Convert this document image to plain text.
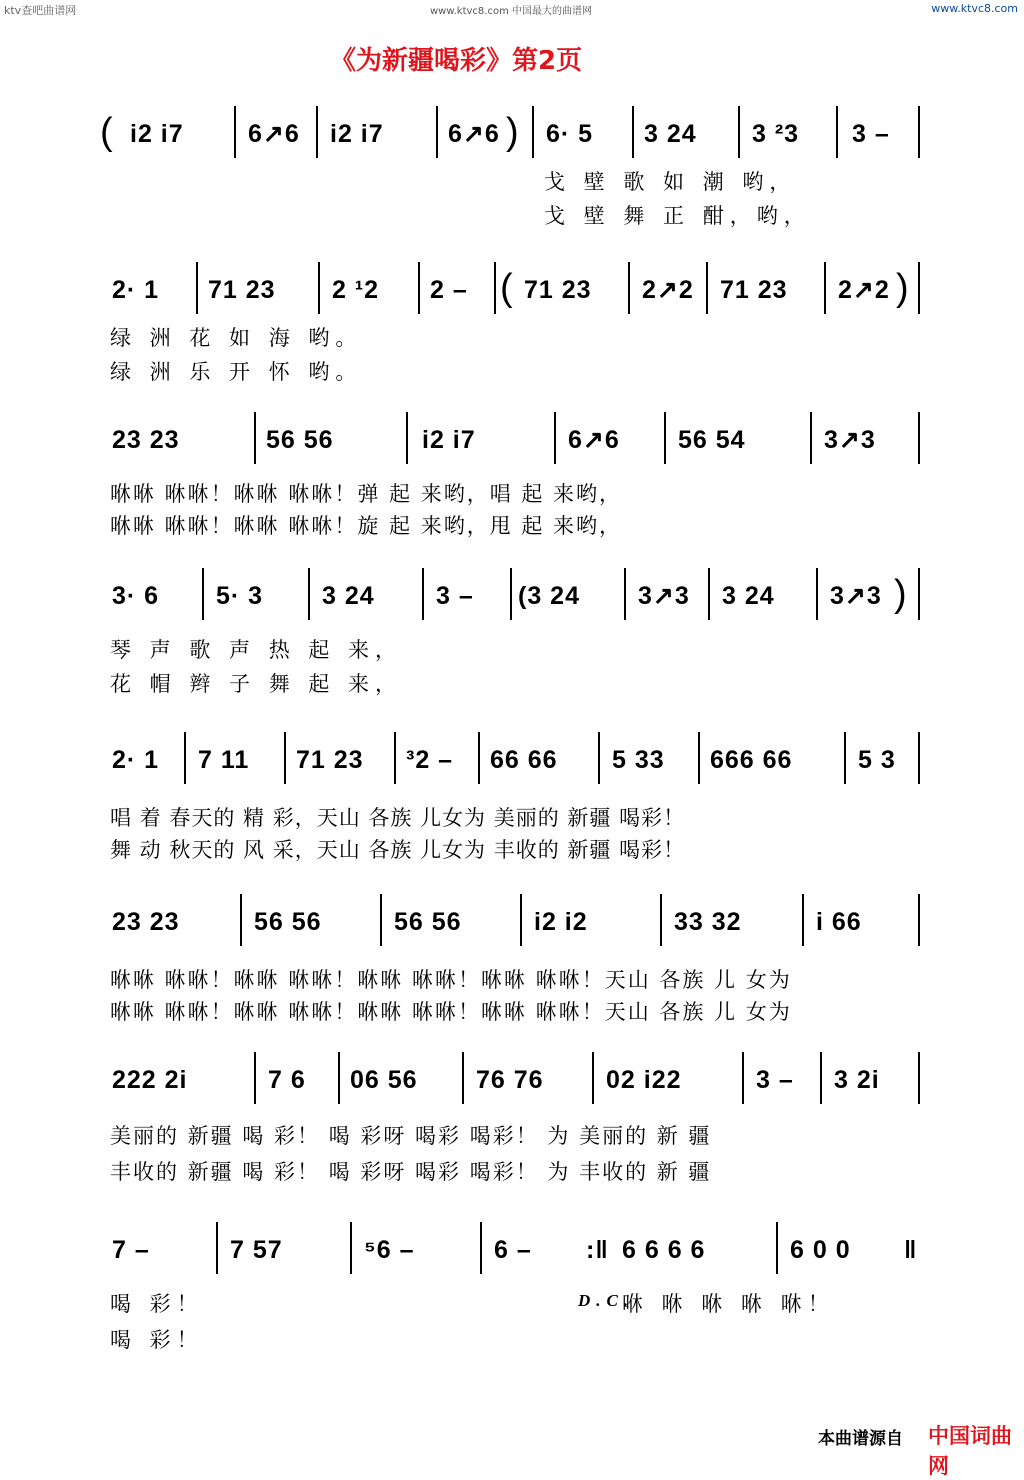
ktv查吧曲谱网	www.ktvc8.com 中国最大的曲谱网	www.ktvc8.com
《为新疆喝彩》第2页
( i2 i7	6↗6 i2 i7	6↗6 ) 6· 5 3 24 3 ²3 3 –
戈 壁 歌 如 潮 哟，
戈 壁 舞 正 酣，哟，
2· 1 71 23 2 ¹2 2 – ( 71 23 2↗2 71 23 2↗2 )
绿 洲 花 如 海 哟。
绿 洲 乐 开 怀 哟。
23 23	56 56	i2 i7	6↗6 56 54	3↗3
咻咻 咻咻！咻咻 咻咻！弹 起 来哟，唱 起 来哟，
咻咻 咻咻！咻咻 咻咻！旋 起 来哟，甩 起 来哟，
3· 6 5· 3 3 24 3 – (3 24 3↗3 3 24 3↗3 )
琴 声 歌 声 热 起 来，
花 帽 辫 子 舞 起 来，
2· 1 7 11 71 23 ³2 – 66 66 5 33 666 66	5 3
唱 着 春天的 精 彩，天山 各族 儿女为 美丽的 新疆 喝彩！
舞 动 秋天的 风 采，天山 各族 儿女为 丰收的 新疆 喝彩！
23 23	56 56	56 56	i2 i2	33 32	i 66
咻咻 咻咻！咻咻 咻咻！咻咻 咻咻！咻咻 咻咻！天山 各族 儿 女为
咻咻 咻咻！咻咻 咻咻！咻咻 咻咻！咻咻 咻咻！天山 各族 儿 女为
222 2i	7 6 06 56 76 76 02 i22	3 – 3 2i
美丽的 新疆 喝 彩！ 喝 彩呀 喝彩 喝彩！ 为 美丽的 新 疆
丰收的 新疆 喝 彩！ 喝 彩呀 喝彩 喝彩！ 为 丰收的 新 疆
7 –	7 57	⁵6 –	6 – :‖ 6 6 6 6	6 0 0 ‖
喝 彩！	D.C.
咻 咻 咻 咻 咻！
喝 彩！
本曲谱源自 中国词曲网
